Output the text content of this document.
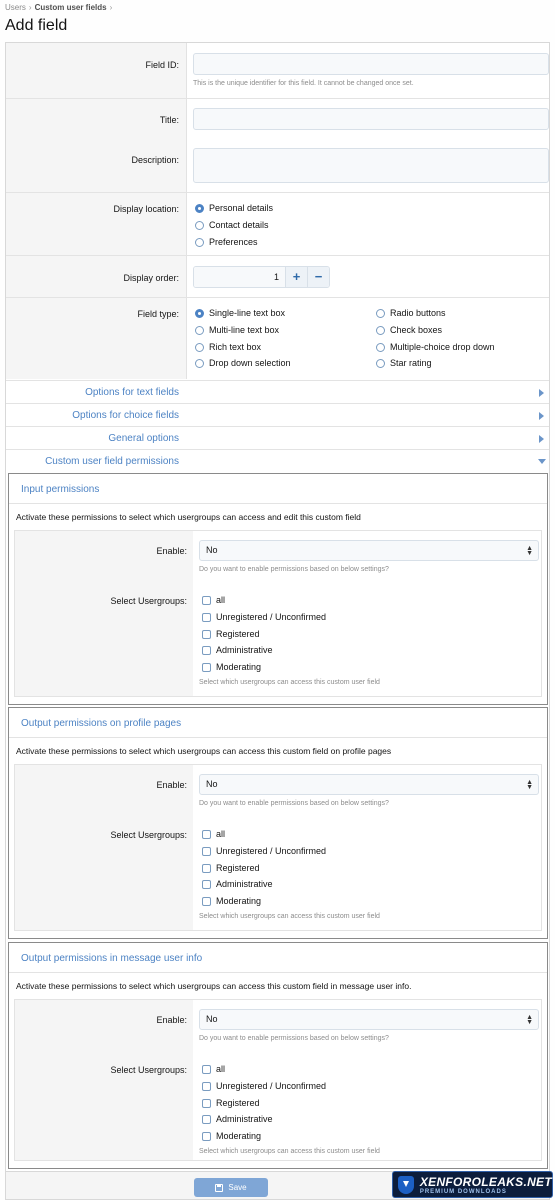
Users › Custom user fields ›
Add field
Field ID:
This is the unique identifier for this field. It cannot be changed once set.
Title:
Description:
Display location:	Personal details
Contact details
Preferences
Display order:	1	+	−
Field type:	Single-line text box
Multi-line text box
Rich text box
Drop down selection
Radio buttons
Check boxes
Multiple-choice drop down
Star rating
Options for text fields
Options for choice fields
General options
Custom user field permissions
Input permissions
Activate these permissions to select which usergroups can access and edit this custom field
Enable:	No	▲
▼
Do you want to enable permissions based on below settings?
Select Usergroups:	all
Unregistered / Unconfirmed
Registered
Administrative
Moderating
Select which usergroups can access this custom user field
Output permissions on profile pages
Activate these permissions to select which usergroups can access this custom field on profile pages
Enable:	No	▲
▼
Do you want to enable permissions based on below settings?
Select Usergroups:	all
Unregistered / Unconfirmed
Registered
Administrative
Moderating
Select which usergroups can access this custom user field
Output permissions in message user info
Activate these permissions to select which usergroups can access this custom field in message user info.
Enable:	No	▲
▼
Do you want to enable permissions based on below settings?
Select Usergroups:	all
Unregistered / Unconfirmed
Registered
Administrative
Moderating
Select which usergroups can access this custom user field
Save	XENFOROLEAKS.NET
PREMIUM DOWNLOADS
